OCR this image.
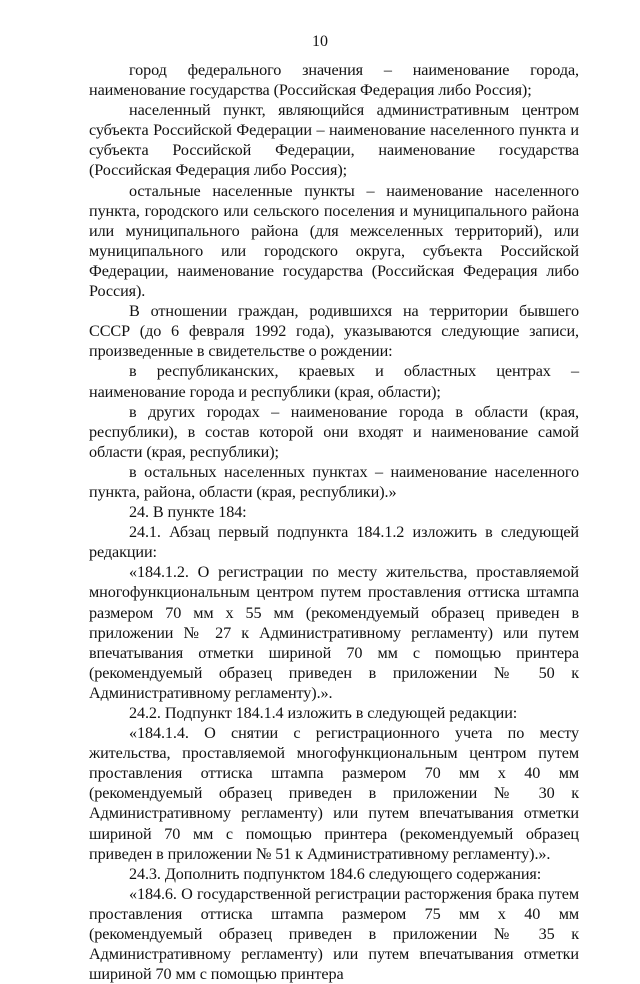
10

город федерального значения – наименование города, наименование государства (Российская Федерация либо Россия);

населенный пункт, являющийся административным центром субъекта Российской Федерации – наименование населенного пункта и субъекта Российской Федерации, наименование государства (Российская Федерация либо Россия);

остальные населенные пункты – наименование населенного пункта, городского или сельского поселения и муниципального района или муниципального района (для межселенных территорий), или муниципального или городского округа, субъекта Российской Федерации, наименование государства (Российская Федерация либо Россия).

В отношении граждан, родившихся на территории бывшего СССР (до 6 февраля 1992 года), указываются следующие записи, произведенные в свидетельстве о рождении:

в республиканских, краевых и областных центрах – наименование города и республики (края, области);

в других городах – наименование города в области (края, республики), в состав которой они входят и наименование самой области (края, республики);

в остальных населенных пунктах – наименование населенного пункта, района, области (края, республики).»

24. В пункте 184:

24.1. Абзац первый подпункта 184.1.2 изложить в следующей редакции:

«184.1.2. О регистрации по месту жительства, проставляемой многофункциональным центром путем проставления оттиска штампа размером 70 мм x 55 мм (рекомендуемый образец приведен в приложении № 27 к Административному регламенту) или путем впечатывания отметки шириной 70 мм с помощью принтера (рекомендуемый образец приведен в приложении № 50 к Административному регламенту).».

24.2. Подпункт 184.1.4 изложить в следующей редакции:

«184.1.4. О снятии с регистрационного учета по месту жительства, проставляемой многофункциональным центром путем проставления оттиска штампа размером 70 мм x 40 мм (рекомендуемый образец приведен в приложении № 30 к Административному регламенту) или путем впечатывания отметки шириной 70 мм с помощью принтера (рекомендуемый образец приведен в приложении № 51 к Административному регламенту).».

24.3. Дополнить подпунктом 184.6 следующего содержания:

«184.6. О государственной регистрации расторжения брака путем проставления оттиска штампа размером 75 мм x 40 мм (рекомендуемый образец приведен в приложении № 35 к Административному регламенту) или путем впечатывания отметки шириной 70 мм с помощью принтера
